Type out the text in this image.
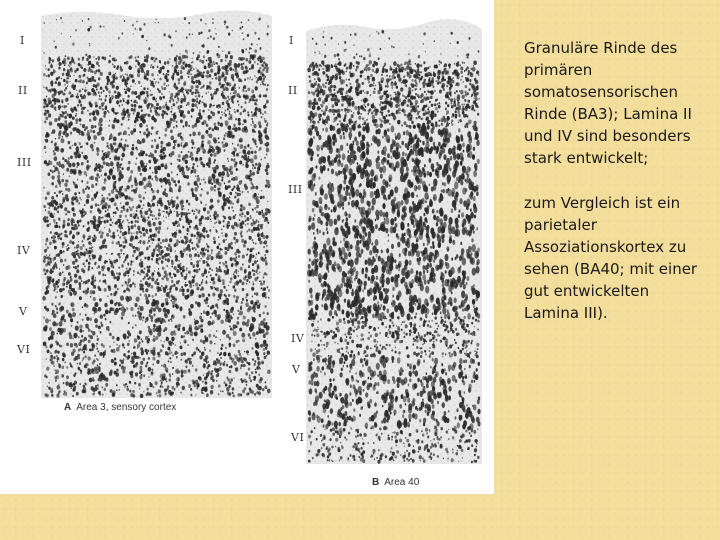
I
II
III
IV
V
VI
I
II
III
IV
V
VI
A Area 3, sensory cortex
B Area 40

Granuläre Rinde des primären somatosensorischen Rinde (BA3); Lamina II und IV sind besonders stark entwickelt;

zum Vergleich ist ein parietaler Assoziationskortex zu sehen (BA40; mit einer gut entwickelten Lamina III).
